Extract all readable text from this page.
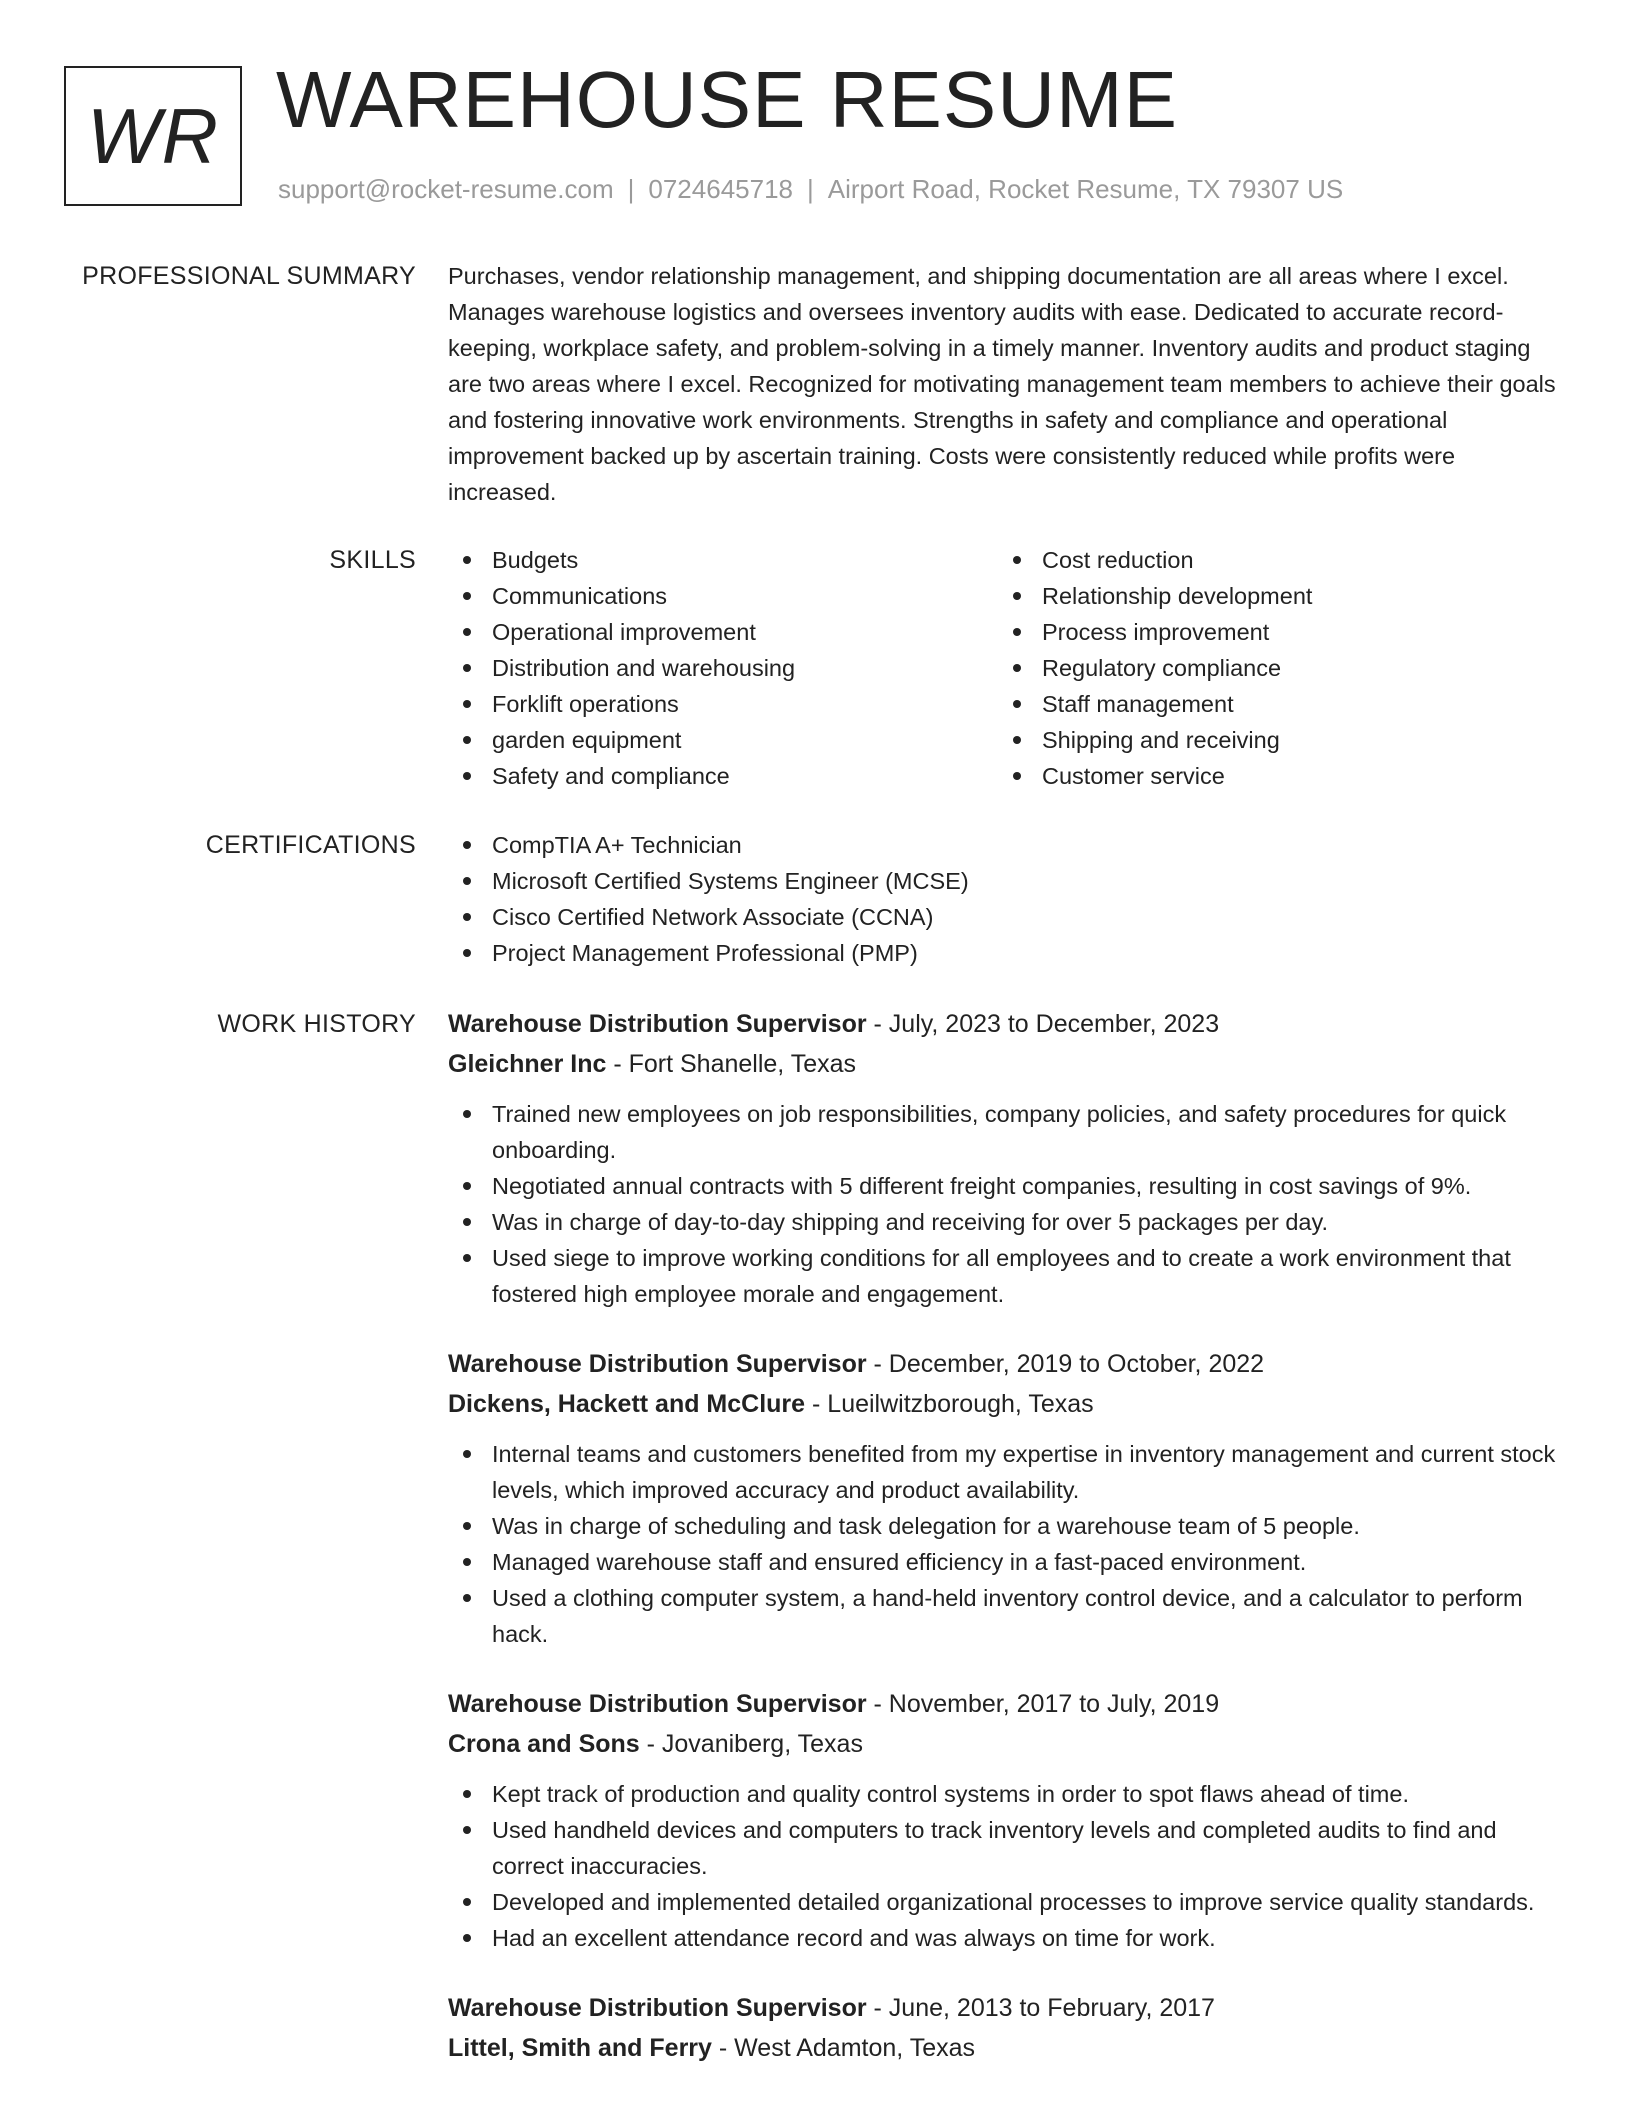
WR WAREHOUSE RESUME
support@rocket-resume.com | 0724645718 | Airport Road, Rocket Resume, TX 79307 US
PROFESSIONAL SUMMARY Purchases, vendor relationship management, and shipping documentation are all areas where I excel. Manages warehouse logistics and oversees inventory audits with ease. Dedicated to accurate record-keeping, workplace safety, and problem-solving in a timely manner. Inventory audits and product staging are two areas where I excel. Recognized for motivating management team members to achieve their goals and fostering innovative work environments. Strengths in safety and compliance and operational improvement backed up by ascertain training. Costs were consistently reduced while profits were increased.

SKILLS	Budgets
Communications
Operational improvement
Distribution and warehousing
Forklift operations
garden equipment
Safety and compliance
Cost reduction
Relationship development
Process improvement
Regulatory compliance
Staff management
Shipping and receiving
Customer service
CERTIFICATIONS	CompTIA A+ Technician
Microsoft Certified Systems Engineer (MCSE)
Cisco Certified Network Associate (CCNA)
Project Management Professional (PMP)
WORK HISTORY Warehouse Distribution Supervisor - July, 2023 to December, 2023
Gleichner Inc - Fort Shanelle, Texas
Trained new employees on job responsibilities, company policies, and safety procedures for quick onboarding.
Negotiated annual contracts with 5 different freight companies, resulting in cost savings of 9%.
Was in charge of day-to-day shipping and receiving for over 5 packages per day.
Used siege to improve working conditions for all employees and to create a work environment that fostered high employee morale and engagement.
Warehouse Distribution Supervisor - December, 2019 to October, 2022
Dickens, Hackett and McClure - Lueilwitzborough, Texas
Internal teams and customers benefited from my expertise in inventory management and current stock levels, which improved accuracy and product availability.
Was in charge of scheduling and task delegation for a warehouse team of 5 people.
Managed warehouse staff and ensured efficiency in a fast-paced environment.
Used a clothing computer system, a hand-held inventory control device, and a calculator to perform hack.
Warehouse Distribution Supervisor - November, 2017 to July, 2019
Crona and Sons - Jovaniberg, Texas
Kept track of production and quality control systems in order to spot flaws ahead of time.
Used handheld devices and computers to track inventory levels and completed audits to find and correct inaccuracies.
Developed and implemented detailed organizational processes to improve service quality standards.
Had an excellent attendance record and was always on time for work.
Warehouse Distribution Supervisor - June, 2013 to February, 2017
Littel, Smith and Ferry - West Adamton, Texas
